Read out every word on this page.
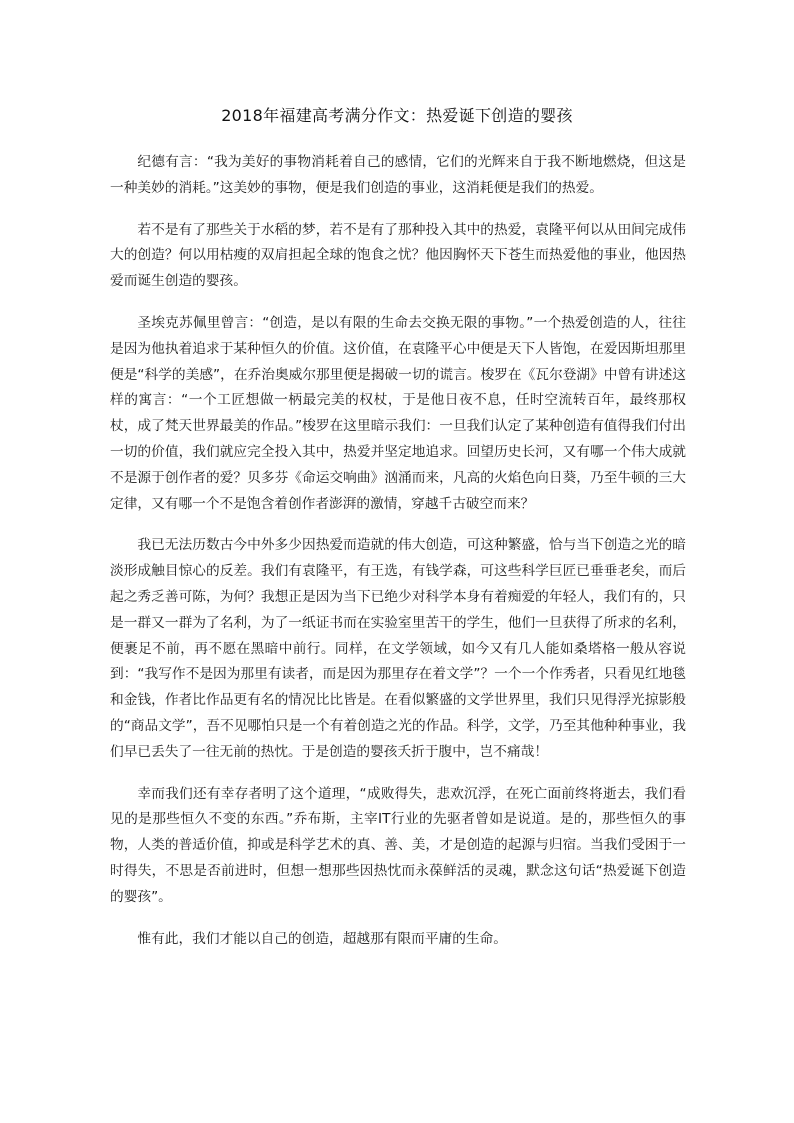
2018年福建高考满分作文：热爱诞下创造的婴孩

纪德有言：“我为美好的事物消耗着自己的感情，它们的光辉来自于我不断地燃烧，但这是一种美妙的消耗。”这美妙的事物，便是我们创造的事业，这消耗便是我们的热爱。

若不是有了那些关于水稻的梦，若不是有了那种投入其中的热爱，袁隆平何以从田间完成伟大的创造？何以用枯瘦的双肩担起全球的饱食之忧？他因胸怀天下苍生而热爱他的事业，他因热爱而诞生创造的婴孩。

圣埃克苏佩里曾言：“创造，是以有限的生命去交换无限的事物。”一个热爱创造的人，往往是因为他执着追求于某种恒久的价值。这价值，在袁隆平心中便是天下人皆饱，在爱因斯坦那里便是“科学的美感”，在乔治奥威尔那里便是揭破一切的谎言。梭罗在《瓦尔登湖》中曾有讲述这样的寓言：“一个工匠想做一柄最完美的权杖，于是他日夜不息，任时空流转百年，最终那权杖，成了梵天世界最美的作品。”梭罗在这里暗示我们：一旦我们认定了某种创造有值得我们付出一切的价值，我们就应完全投入其中，热爱并坚定地追求。回望历史长河，又有哪一个伟大成就不是源于创作者的爱？贝多芬《命运交响曲》汹涌而来，凡高的火焰色向日葵，乃至牛顿的三大定律，又有哪一个不是饱含着创作者澎湃的激情，穿越千古破空而来？

我已无法历数古今中外多少因热爱而造就的伟大创造，可这种繁盛，恰与当下创造之光的暗淡形成触目惊心的反差。我们有袁隆平，有王选，有钱学森，可这些科学巨匠已垂垂老矣，而后起之秀乏善可陈，为何？我想正是因为当下已绝少对科学本身有着痴爱的年轻人，我们有的，只是一群又一群为了名利，为了一纸证书而在实验室里苦干的学生，他们一旦获得了所求的名利，便裹足不前，再不愿在黑暗中前行。同样，在文学领域，如今又有几人能如桑塔格一般从容说到：“我写作不是因为那里有读者，而是因为那里存在着文学”？一个一个作秀者，只看见红地毯和金钱，作者比作品更有名的情况比比皆是。在看似繁盛的文学世界里，我们只见得浮光掠影般的“商品文学”，吾不见哪怕只是一个有着创造之光的作品。科学，文学，乃至其他种种事业，我们早已丢失了一往无前的热忱。于是创造的婴孩夭折于腹中，岂不痛哉！

幸而我们还有幸存者明了这个道理，“成败得失，悲欢沉浮，在死亡面前终将逝去，我们看见的是那些恒久不变的东西。”乔布斯，主宰IT行业的先驱者曾如是说道。是的，那些恒久的事物，人类的普适价值，抑或是科学艺术的真、善、美，才是创造的起源与归宿。当我们受困于一时得失，不思是否前进时，但想一想那些因热忱而永葆鲜活的灵魂，默念这句话“热爱诞下创造的婴孩”。

惟有此，我们才能以自己的创造，超越那有限而平庸的生命。
